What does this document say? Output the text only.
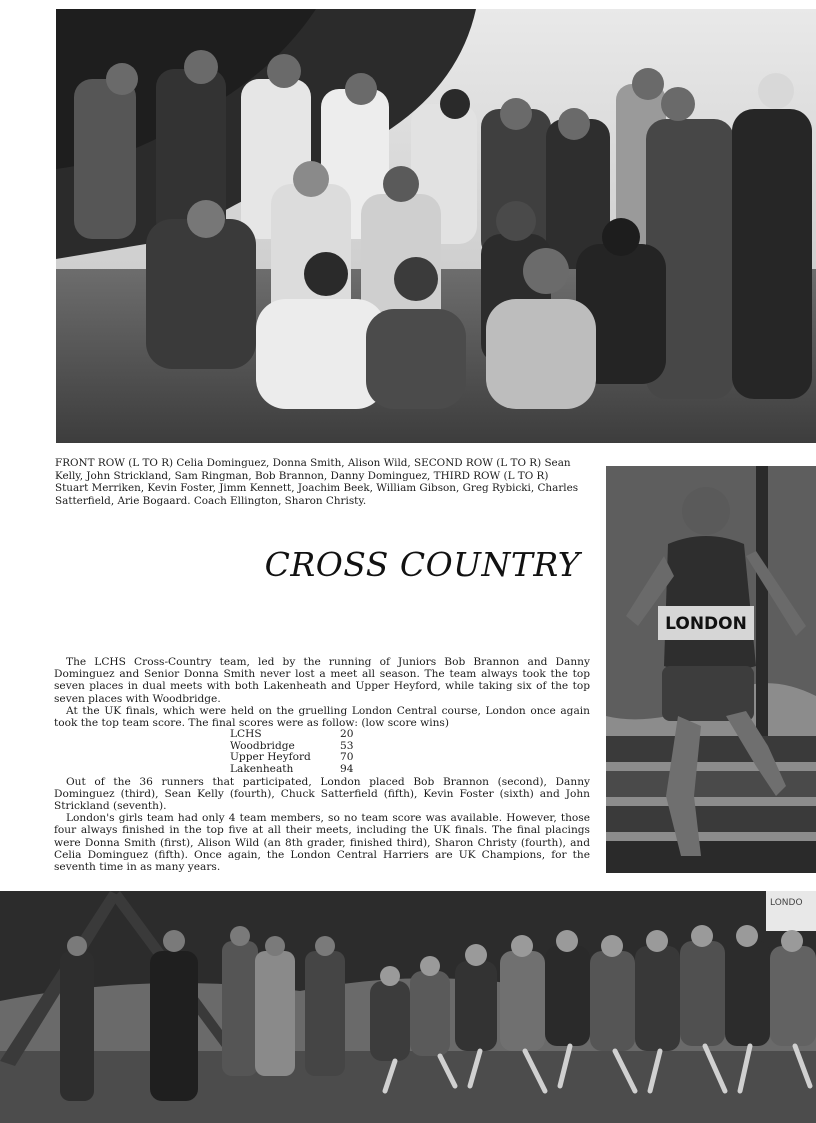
FRONT ROW (L TO R) Celia Dominguez, Donna Smith, Alison Wild, SECOND ROW (L TO R) Sean Kelly, John Strickland, Sam Ringman, Bob Brannon, Danny Dominguez, THIRD ROW (L TO R) Stuart Merriken, Kevin Foster, Jimm Kennett, Joachim Beek, William Gibson, Greg Rybicki, Charles Satterfield, Arie Bogaard. Coach Ellington, Sharon Christy.

CROSS COUNTRY
LONDON

The LCHS Cross-Country team, led by the running of Juniors Bob Brannon and Danny Dominguez and Senior Donna Smith never lost a meet all season. The team always took the top seven places in dual meets with both Lakenheath and Upper Heyford, while taking six of the top seven places with Woodbridge.

At the UK finals, which were held on the gruelling London Central course, London once again took the top team score. The final scores were as follow: (low score wins)

LCHS	20
Woodbridge	53
Upper Heyford	70
Lakenheath	94

Out of the 36 runners that participated, London placed Bob Brannon (second), Danny Dominguez (third), Sean Kelly (fourth), Chuck Satterfield (fifth), Kevin Foster (sixth) and John Strickland (seventh).

London's girls team had only 4 team members, so no team score was available. However, those four always finished in the top five at all their meets, including the UK finals. The final placings were Donna Smith (first), Alison Wild (an 8th grader, finished third), Sharon Christy (fourth), and Celia Dominguez (fifth). Once again, the London Central Harriers are UK Champions, for the seventh time in as many years.

LONDO
